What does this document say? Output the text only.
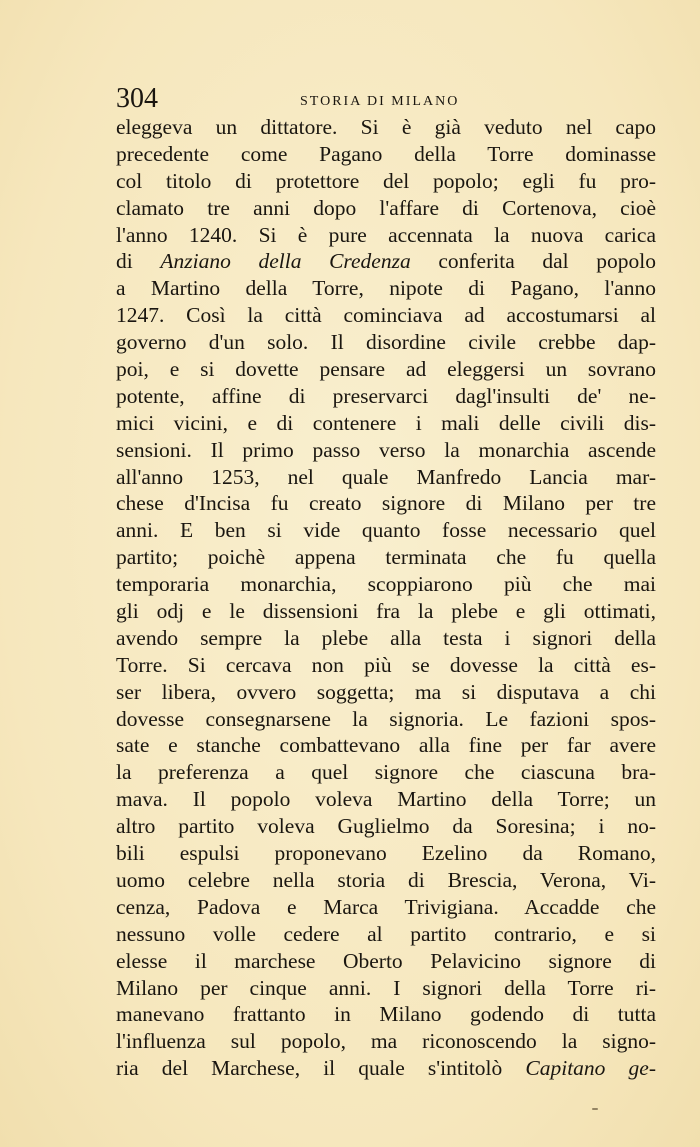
304	STORIA DI MILANO
eleggeva un dittatore. Si è già veduto nel capo
precedente come Pagano della Torre dominasse
col titolo di protettore del popolo; egli fu pro-
clamato tre anni dopo l'affare di Cortenova, cioè
l'anno 1240. Si è pure accennata la nuova carica
di Anziano della Credenza conferita dal popolo
a Martino della Torre, nipote di Pagano, l'anno
1247. Così la città cominciava ad accostumarsi al
governo d'un solo. Il disordine civile crebbe dap-
poi, e si dovette pensare ad eleggersi un sovrano
potente, affine di preservarci dagl'insulti de' ne-
mici vicini, e di contenere i mali delle civili dis-
sensioni. Il primo passo verso la monarchia ascende
all'anno 1253, nel quale Manfredo Lancia mar-
chese d'Incisa fu creato signore di Milano per tre
anni. E ben si vide quanto fosse necessario quel
partito; poichè appena terminata che fu quella
temporaria monarchia, scoppiarono più che mai
gli odj e le dissensioni fra la plebe e gli ottimati,
avendo sempre la plebe alla testa i signori della
Torre. Si cercava non più se dovesse la città es-
ser libera, ovvero soggetta; ma si disputava a chi
dovesse consegnarsene la signoria. Le fazioni spos-
sate e stanche combattevano alla fine per far avere
la preferenza a quel signore che ciascuna bra-
mava. Il popolo voleva Martino della Torre; un
altro partito voleva Guglielmo da Soresina; i no-
bili espulsi proponevano Ezelino da Romano,
uomo celebre nella storia di Brescia, Verona, Vi-
cenza, Padova e Marca Trivigiana. Accadde che
nessuno volle cedere al partito contrario, e si
elesse il marchese Oberto Pelavicino signore di
Milano per cinque anni. I signori della Torre ri-
manevano frattanto in Milano godendo di tutta
l'influenza sul popolo, ma riconoscendo la signo-
ria del Marchese, il quale s'intitolò Capitano ge-
